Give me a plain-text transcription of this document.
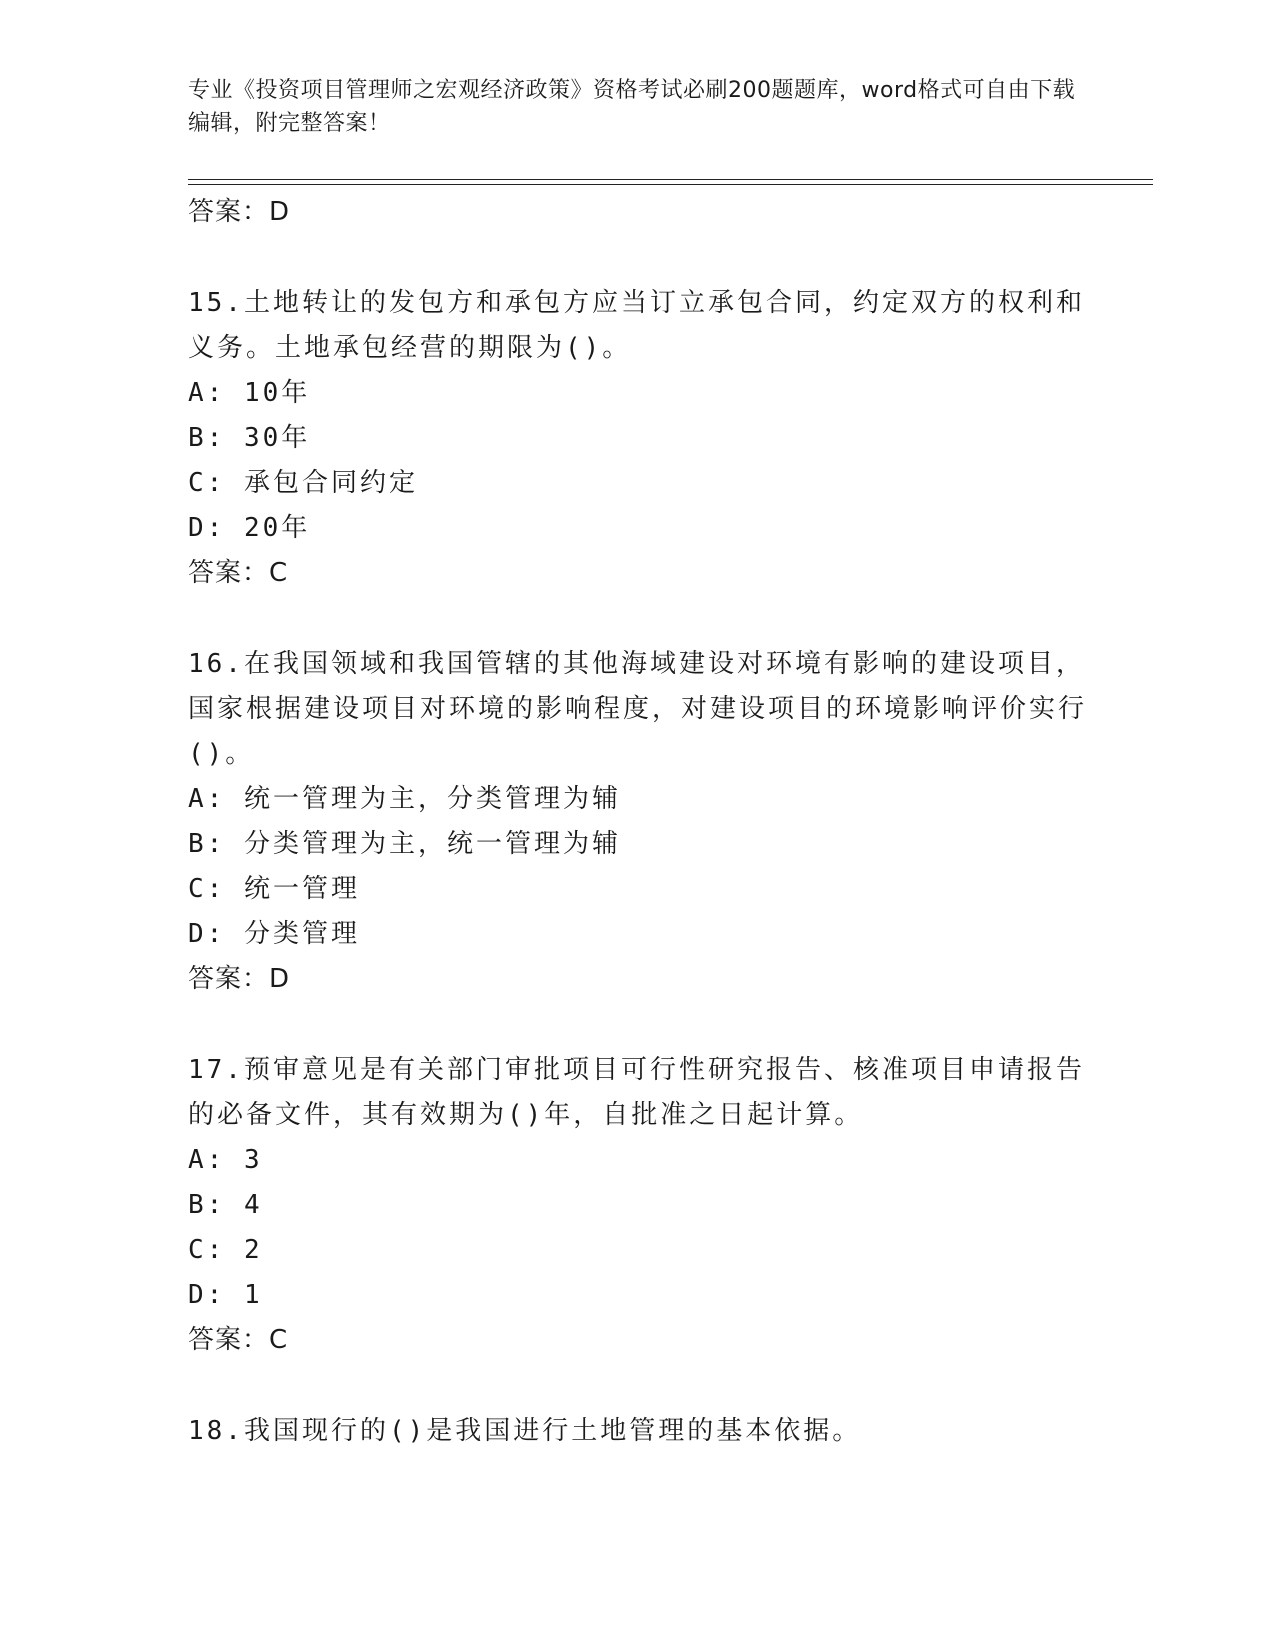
专业《投资项目管理师之宏观经济政策》资格考试必刷200题题库，word格式可自由下载编辑，附完整答案！
答案：D
15.土地转让的发包方和承包方应当订立承包合同，约定双方的权利和义务。土地承包经营的期限为()。
A: 10年
B: 30年
C: 承包合同约定
D: 20年
答案：C
16.在我国领域和我国管辖的其他海域建设对环境有影响的建设项目，国家根据建设项目对环境的影响程度，对建设项目的环境影响评价实行()。
A: 统一管理为主，分类管理为辅
B: 分类管理为主，统一管理为辅
C: 统一管理
D: 分类管理
答案：D
17.预审意见是有关部门审批项目可行性研究报告、核准项目申请报告的必备文件，其有效期为()年，自批准之日起计算。
A: 3
B: 4
C: 2
D: 1
答案：C
18.我国现行的()是我国进行土地管理的基本依据。
